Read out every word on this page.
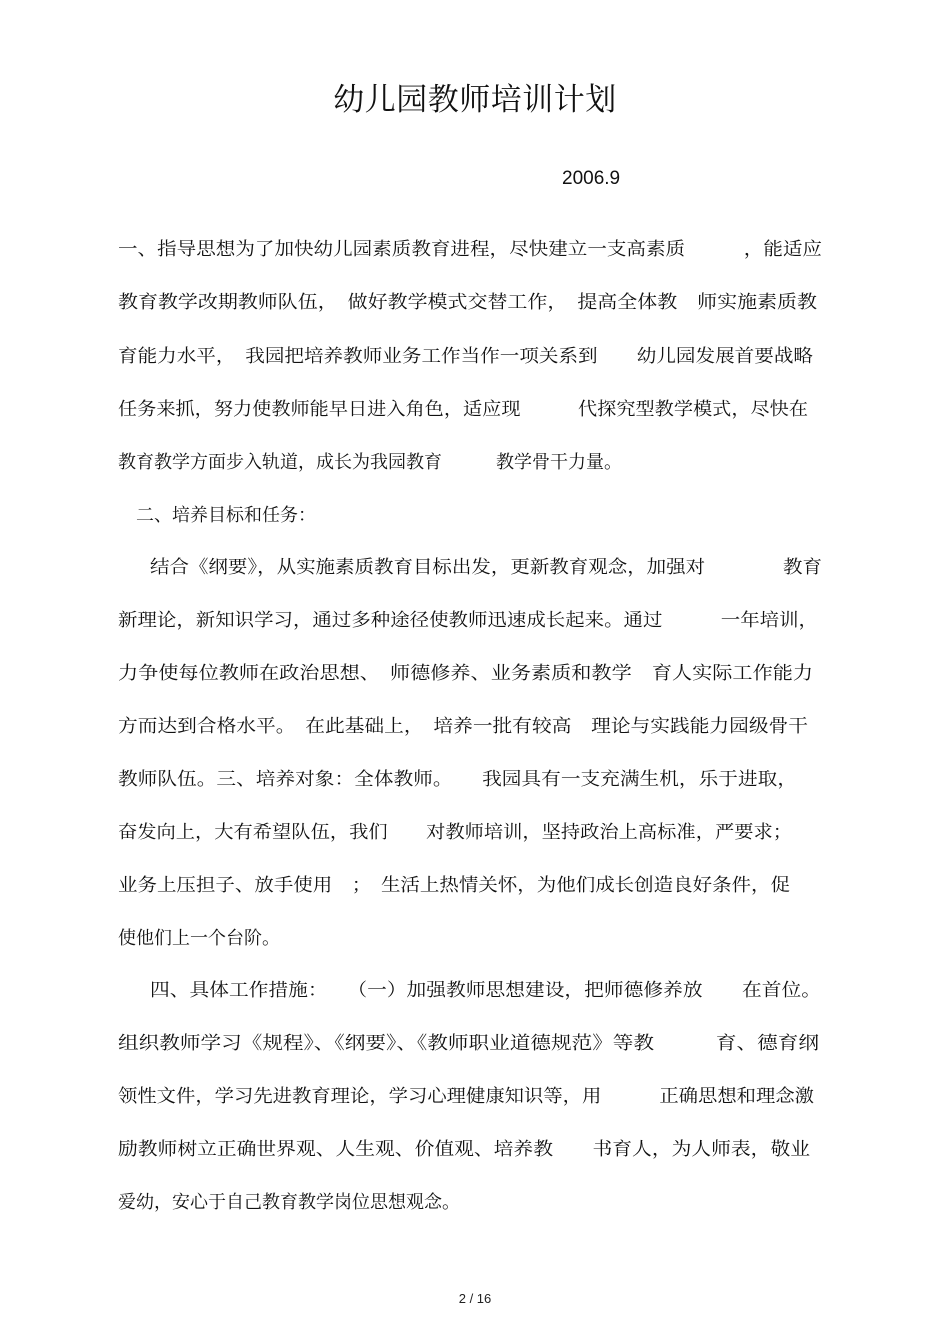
幼儿园教师培训计划
2006.9
一、指导思想为了加快幼儿园素质教育进程，尽快建立一支高素质　　　，能适应
教育教学改期教师队伍，　做好教学模式交替工作，　提高全体教　师实施素质教
育能力水平，　我园把培养教师业务工作当作一项关系到　　幼儿园发展首要战略
任务来抓，努力使教师能早日进入角色，适应现　　　代探究型教学模式，尽快在
教育教学方面步入轨道，成长为我园教育　　　教学骨干力量。
二、培养目标和任务：
结合《纲要》，从实施素质教育目标出发，更新教育观念，加强对　　　　教育
新理论，新知识学习，通过多种途径使教师迅速成长起来。通过　　　一年培训，
力争使每位教师在政治思想、　师德修养、业务素质和教学　育人实际工作能力
方而达到合格水平。　在此基础上，　培养一批有较高　理论与实践能力园级骨干
教师队伍。三、培养对象：全体教师。　　我园具有一支充满生机，乐于进取，
奋发向上，大有希望队伍，我们　　对教师培训，坚持政治上高标准，严要求；
业务上压担子、放手使用　；　生活上热情关怀，为他们成长创造良好条件，促
使他们上一个台阶。
四、具体工作措施：　　（一）加强教师思想建设，把师德修养放　　在首位。
组织教师学习《规程》、《纲要》、《教师职业道德规范》等教　　　育、德育纲
领性文件，学习先进教育理论，学习心理健康知识等，用　　　正确思想和理念激
励教师树立正确世界观、人生观、价值观、培养教　　书育人，为人师表，敬业
爱幼，安心于自己教育教学岗位思想观念。
2 / 16
